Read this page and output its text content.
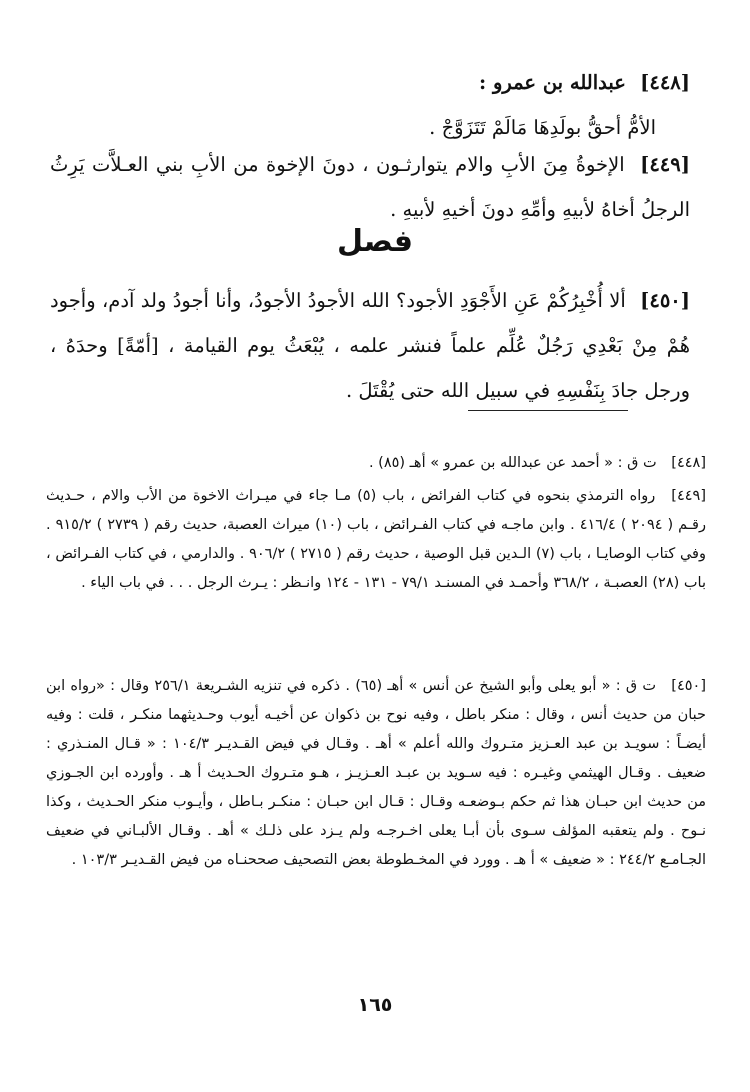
[٤٤٨] عبدالله بن عمرو :
الأمُّ أحقُّ بولَدِهَا مَالَمْ تَتَزَوَّجْ .
[٤٤٩] الإخوةُ مِنَ الأبِ والام يتوارثـون ، دونَ الإخوة من الأبِ بني العـلاَّت يَرِثُ الرجلُ أخاهُ لأبيهِ وأمِّهِ دونَ أخيهِ لأبيهِ .
فصل
[٤٥٠] ألا أُخْبِرُكُمْ عَنِ الأَجْوَدِ الأجود؟ الله الأجودُ الأجودُ، وأنا أجودُ ولد آدم، وأجود هُمْ مِنْ بَعْدِي رَجُلٌ عُلِّم علماً فنشر علمه ، يُبْعَثُ يوم القيامة ، [أمّةً] وحدَهُ ، ورجل جادَ بِنَفْسِهِ في سبيل الله حتى يُقْتَلَ .
[٤٤٨] ت ق : « أحمد عن عبدالله بن عمرو » أهـ (٨٥) .
[٤٤٩] رواه الترمذي بنحوه في كتاب الفرائض ، باب (٥) مـا جاء في ميـراث الاخوة من الأب والام ، حـديث رقـم ( ٢٠٩٤ ) ٤١٦/٤ . وابن ماجـه في كتاب الفـرائض ، باب (١٠) ميراث العصبة، حديث رقم ( ٢٧٣٩ ) ٩١٥/٢ . وفي كتاب الوصايـا ، باب (٧) الـدين قبل الوصية ، حديث رقم ( ٢٧١٥ ) ٩٠٦/٢ . والدارمي ، في كتاب الفـرائض ، باب (٢٨) العصبـة ، ٣٦٨/٢ وأحمـد في المسنـد ٧٩/١ - ١٣١ - ١٢٤ وانـظر : يـرث الرجل . . . في باب الياء .
[٤٥٠] ت ق : « أبو يعلى وأبو الشيخ عن أنس » أهـ (٦٥) . ذكره في تنزيه الشـريعة ٢٥٦/١ وقال : «رواه ابن حبان من حديث أنس ، وقال : منكر باطل ، وفيه نوح بن ذكوان عن أخيـه أيوب وحـديثهما منكـر ، قلت : وفيه أيضـاً : سويـد بن عبد العـزيز متـروك والله أعلم » أهـ . وقـال في فيض القـديـر ١٠٤/٣ : « قـال المنـذري : ضعيف . وقـال الهيثمي وغيـره : فيه سـويد بن عبـد العـزيـز ، هـو متـروك الحـديث أ هـ . وأورده ابن الجـوزي من حديث ابن حبـان هذا ثم حكم بـوضعـه وقـال : قـال ابن حبـان : منكـر بـاطل ، وأيـوب منكر الحـديث ، وكذا نـوح . ولم يتعقبه المؤلف سـوى بأن أبـا يعلى اخـرجـه ولم يـزد على ذلـك » أهـ . وقـال الألبـاني في ضعيف الجـامـع ٢٤٤/٢ : « ضعيف » أ هـ . وورد في المخـطوطة بعض التصحيف صححنـاه من فيض القـديـر ١٠٣/٣ .
١٦٥
